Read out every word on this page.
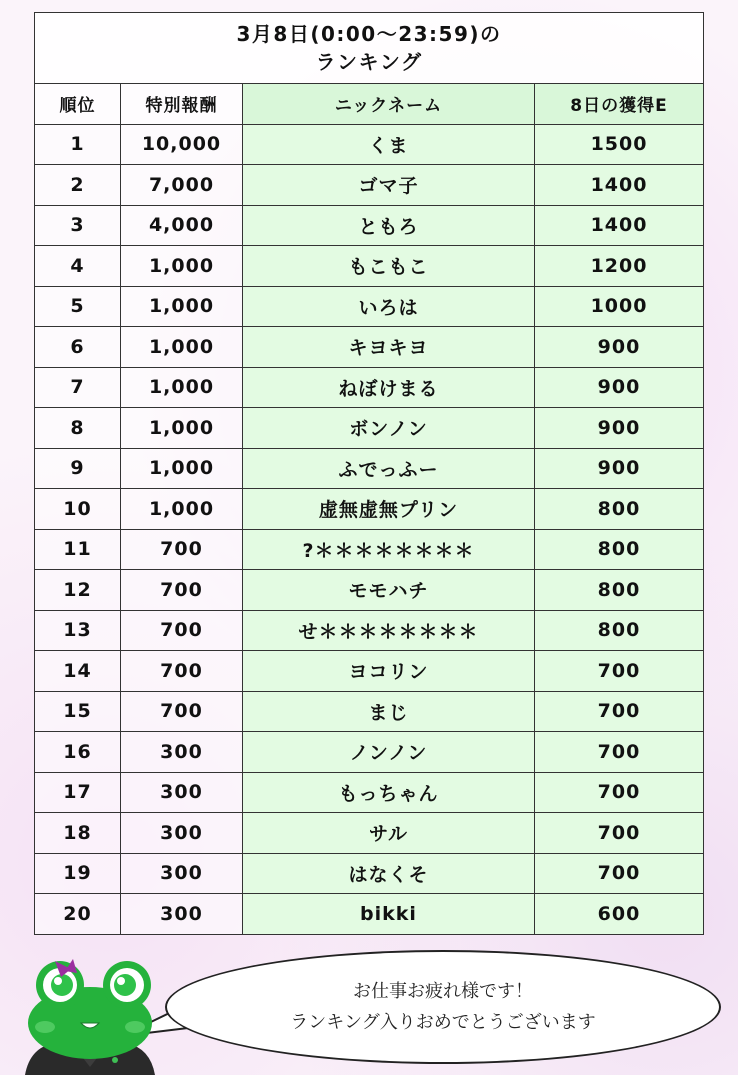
3月8日(0:00～23:59)の
ランキング			

順位	特別報酬	ニックネーム	8日の獲得E
1	10,000	くま	1500
2	7,000	ゴマ子	1400
3	4,000	ともろ	1400
4	1,000	もこもこ	1200
5	1,000	いろは	1000
6	1,000	キヨキヨ	900
7	1,000	ねぼけまる	900
8	1,000	ボンノン	900
9	1,000	ふでっふー	900
10	1,000	虚無虚無プリン	800
11	700	?＊＊＊＊＊＊＊＊	800
12	700	モモハチ	800
13	700	せ＊＊＊＊＊＊＊＊	800
14	700	ヨコリン	700
15	700	まじ	700
16	300	ノンノン	700
17	300	もっちゃん	700
18	300	サル	700
19	300	はなくそ	700
20	300	bikki	600
お仕事お疲れ様です！
ランキング入りおめでとうございます
